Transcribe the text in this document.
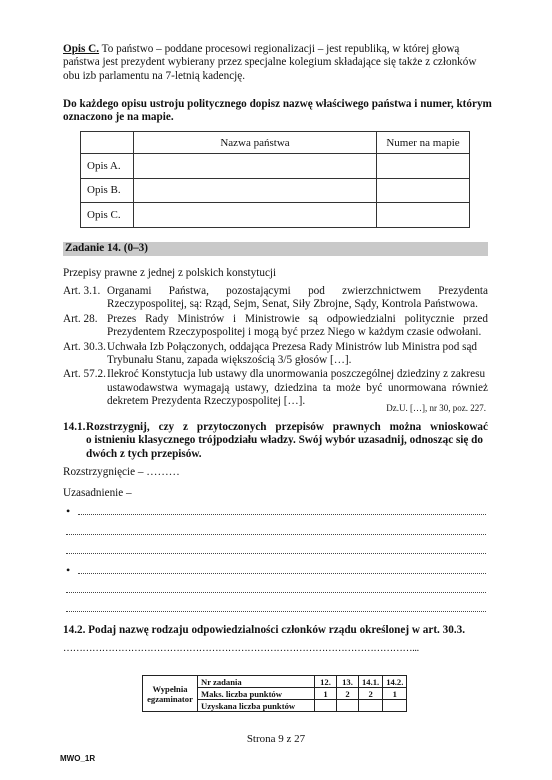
Opis C. To państwo – poddane procesowi regionalizacji – jest republiką, w której głową
państwa jest prezydent wybierany przez specjalne kolegium składające się także z członków
obu izb parlamentu na 7-letnią kadencję.
Do każdego opisu ustroju politycznego dopisz nazwę właściwego państwa i numer, którym
oznaczono je na mapie.
	Nazwa państwa	Numer na mapie
Opis A.		
Opis B.		
Opis C.		
Zadanie 14. (0–3)
Przepisy prawne z jednej z polskich konstytucji
Art. 3.1. Organami Państwa, pozostającymi pod zwierzchnictwem Prezydenta
Rzeczypospolitej, są: Rząd, Sejm, Senat, Siły Zbrojne, Sądy, Kontrola Państwowa.
Art. 28. Prezes Rady Ministrów i Ministrowie są odpowiedzialni politycznie przed
Prezydentem Rzeczypospolitej i mogą być przez Niego w każdym czasie odwołani.
Art. 30.3. Uchwała Izb Połączonych, oddająca Prezesa Rady Ministrów lub Ministra pod sąd
Trybunału Stanu, zapada większością 3/5 głosów […].
Art. 57.2. Ilekroć Konstytucja lub ustawy dla unormowania poszczególnej dziedziny z zakresu
ustawodawstwa wymagają ustawy, dziedzina ta może być unormowana również
dekretem Prezydenta Rzeczypospolitej […].
Dz.U. […], nr 30, poz. 227.
14.1. Rozstrzygnij, czy z przytoczonych przepisów prawnych można wnioskować
o istnieniu klasycznego trójpodziału władzy. Swój wybór uzasadnij, odnosząc się do
dwóch z tych przepisów.
Rozstrzygnięcie – ………
Uzasadnienie –
•
•
14.2. Podaj nazwę rodzaju odpowiedzialności członków rządu określonej w art. 30.3.
………………………………………………………………………………………………...
Wypełnia
egzaminator	Nr zadania	12.	13.	14.1.	14.2.
	Maks. liczba punktów	1	2	2	1
	Uzyskana liczba punktów				
Strona 9 z 27
MWO_1R
